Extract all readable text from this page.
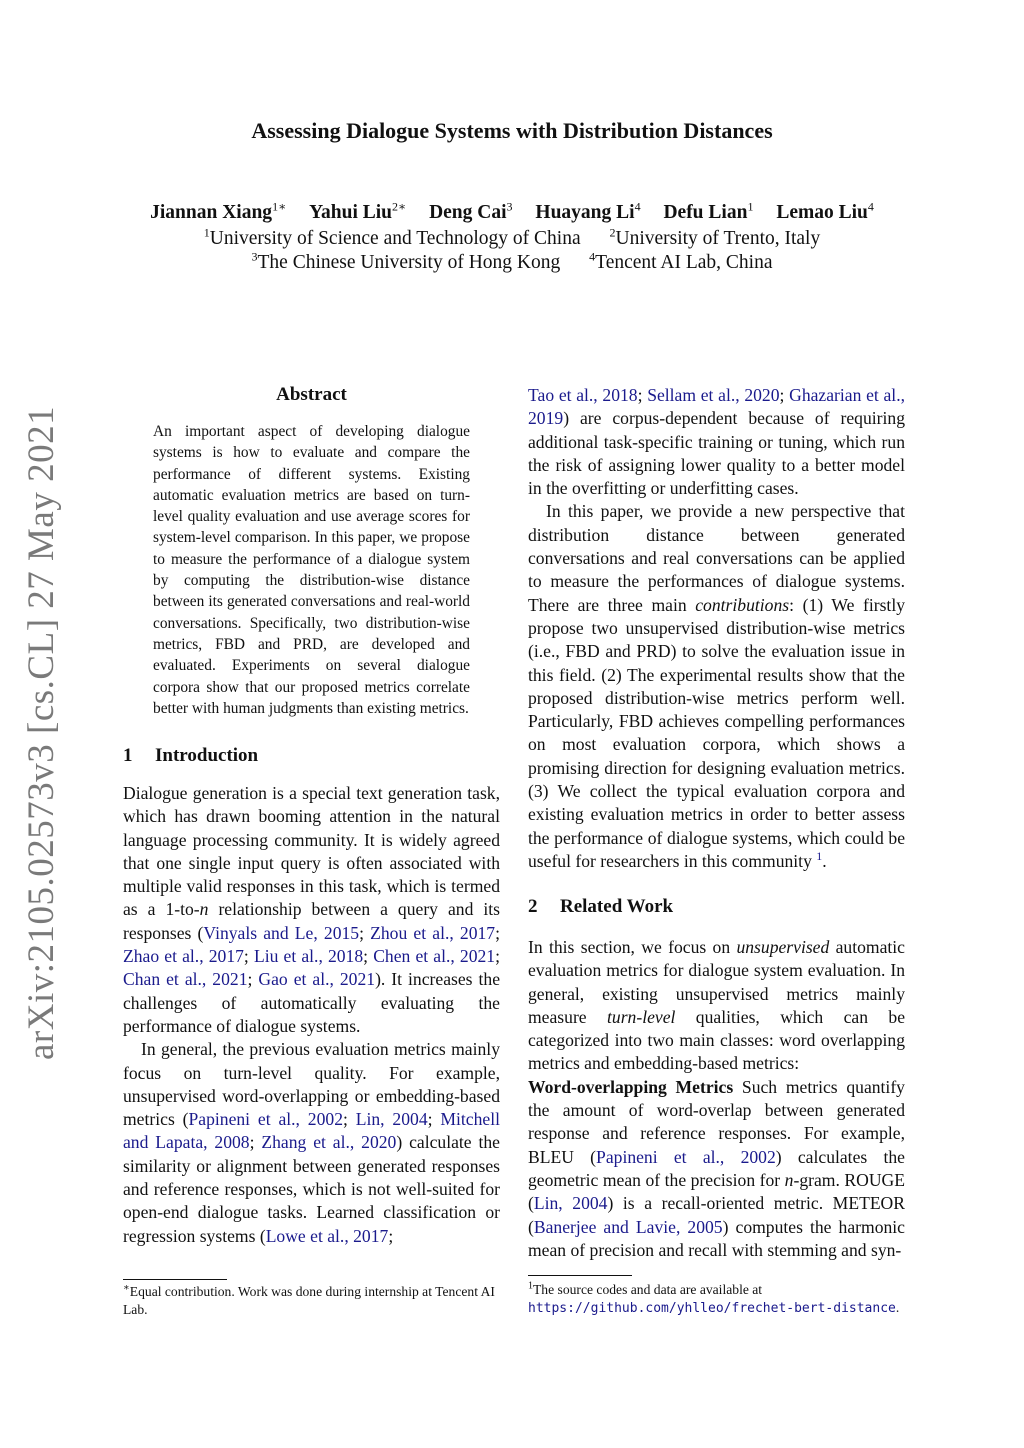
arXiv:2105.02573v3 [cs.CL] 27 May 2021
Assessing Dialogue Systems with Distribution Distances
Jiannan Xiang$^{1∗}$ Yahui Liu$^{2∗}$ Deng Cai$^3$ Huayang Li$^4$ Defu Lian$^1$ Lemao Liu$^4$
$^1$University of Science and Technology of China $^2$University of Trento, Italy
$^3$The Chinese University of Hong Kong $^4$Tencent AI Lab, China
Abstract
An important aspect of developing dialogue systems is how to evaluate and compare the performance of different systems. Existing automatic evaluation metrics are based on turn-level quality evaluation and use average scores for system-level comparison. In this paper, we propose to measure the performance of a dialogue system by computing the distribution-wise distance between its generated conversations and real-world conversations. Specifically, two distribution-wise metrics, FBD and PRD, are developed and evaluated. Experiments on several dialogue corpora show that our proposed metrics correlate better with human judgments than existing metrics.
1 Introduction

Dialogue generation is a special text generation task, which has drawn booming attention in the natural language processing community. It is widely agreed that one single input query is often associated with multiple valid responses in this task, which is termed as a 1-to-n relationship between a query and its responses (Vinyals and Le, 2015; Zhou et al., 2017; Zhao et al., 2017; Liu et al., 2018; Chen et al., 2021; Chan et al., 2021; Gao et al., 2021). It increases the challenges of automatically evaluating the performance of dialogue systems.

In general, the previous evaluation metrics mainly focus on turn-level quality. For example, unsupervised word-overlapping or embedding-based metrics (Papineni et al., 2002; Lin, 2004; Mitchell and Lapata, 2008; Zhang et al., 2020) calculate the similarity or alignment between generated responses and reference responses, which is not well-suited for open-end dialogue tasks. Learned classification or regression systems (Lowe et al., 2017;

∗Equal contribution. Work was done during internship at Tencent AI Lab.

Tao et al., 2018; Sellam et al., 2020; Ghazarian et al., 2019) are corpus-dependent because of requiring additional task-specific training or tuning, which run the risk of assigning lower quality to a better model in the overfitting or underfitting cases.

In this paper, we provide a new perspective that distribution distance between generated conversations and real conversations can be applied to measure the performances of dialogue systems. There are three main contributions: (1) We firstly propose two unsupervised distribution-wise metrics (i.e., FBD and PRD) to solve the evaluation issue in this field. (2) The experimental results show that the proposed distribution-wise metrics perform well. Particularly, FBD achieves compelling performances on most evaluation corpora, which shows a promising direction for designing evaluation metrics. (3) We collect the typical evaluation corpora and existing evaluation metrics in order to better assess the performance of dialogue systems, which could be useful for researchers in this community $^1$.

2 Related Work

In this section, we focus on unsupervised automatic evaluation metrics for dialogue system evaluation. In general, existing unsupervised metrics mainly measure turn-level qualities, which can be categorized into two main classes: word overlapping metrics and embedding-based metrics:

Word-overlapping Metrics Such metrics quantify the amount of word-overlap between generated response and reference responses. For example, BLEU (Papineni et al., 2002) calculates the geometric mean of the precision for n-gram. ROUGE (Lin, 2004) is a recall-oriented metric. METEOR (Banerjee and Lavie, 2005) computes the harmonic mean of precision and recall with stemming and syn-

$^1$The source codes and data are available at https://github.com/yhlleo/frechet-bert-distance.
